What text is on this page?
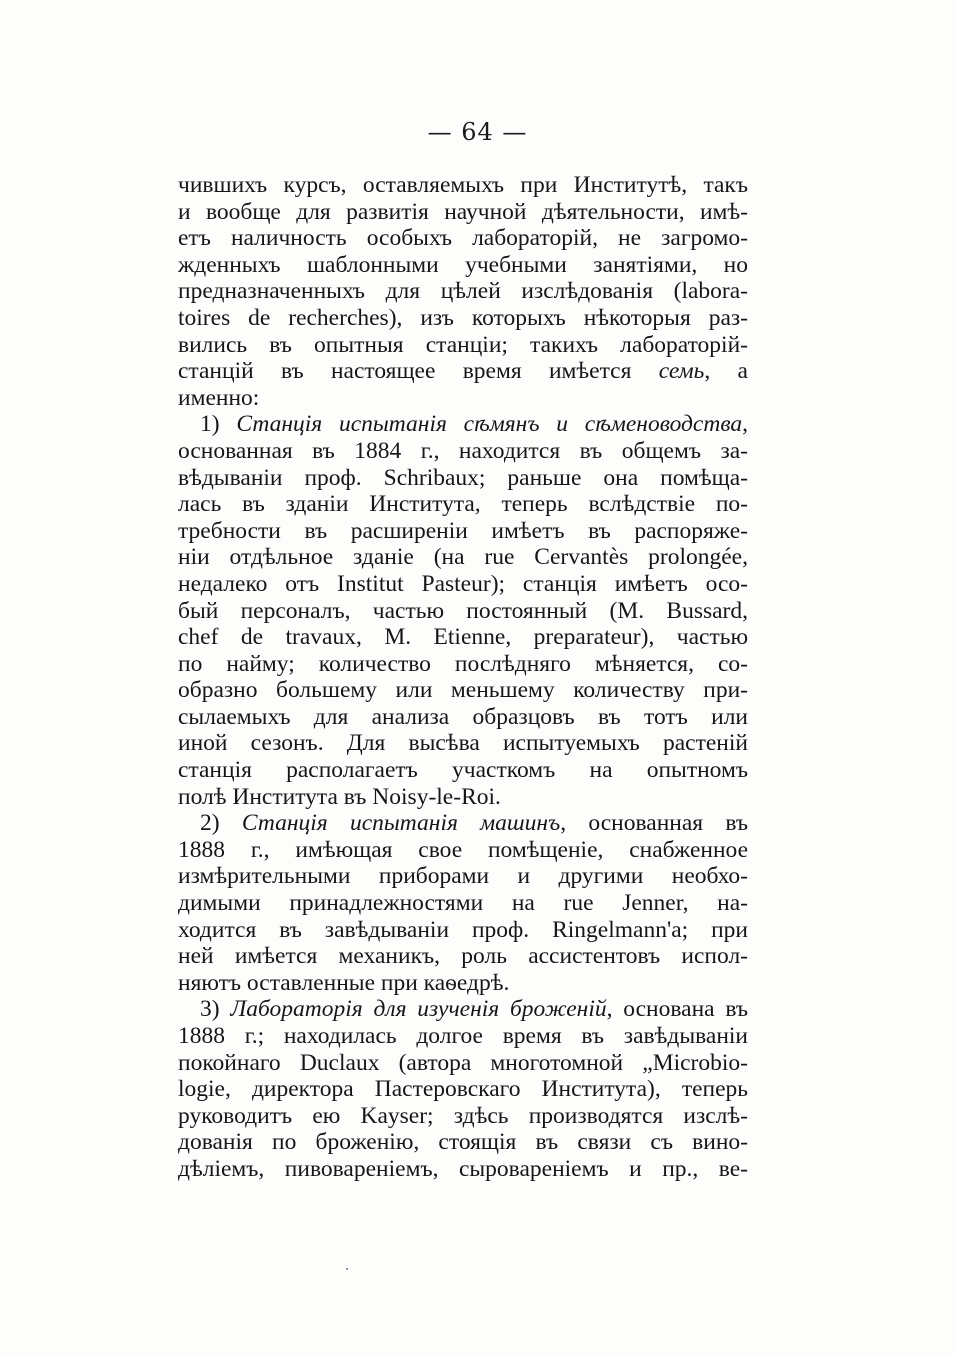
— 64 —
чившихъ курсъ, оставляемыхъ при Институтѣ, такъ
и вообще для развитія научной дѣятельности, имѣ-
етъ наличность особыхъ лабораторій, не загромо-
жденныхъ шаблонными учебными занятіями, но
предназначенныхъ для цѣлей изслѣдованія (labora-
toires de recherches), изъ которыхъ нѣкоторыя раз-
вились въ опытныя станціи; такихъ лабораторій-
станцій въ настоящее время имѣется семь, а
именно:
1) Станція испытанія сѣмянъ и сѣменоводства,
основанная въ 1884 г., находится въ общемъ за-
вѣдываніи проф. Schribaux; раньше она помѣща-
лась въ зданіи Института, теперь вслѣдствіе по-
требности въ расширеніи имѣетъ въ распоряже-
ніи отдѣльное зданіе (на rue Cervantès prolongée,
недалеко отъ Institut Pasteur); станція имѣетъ осо-
бый персоналъ, частью постоянный (M. Bussard,
chef de travaux, M. Etienne, preparateur), частью
по найму; количество послѣдняго мѣняется, со-
образно большему или меньшему количеству при-
сылаемыхъ для анализа образцовъ въ тотъ или
иной сезонъ. Для высѣва испытуемыхъ растеній
станція располагаетъ участкомъ на опытномъ
полѣ Института въ Noisy-le-Roi.
2) Станція испытанія машинъ, основанная въ
1888 г., имѣющая свое помѣщеніе, снабженное
измѣрительными приборами и другими необхо-
димыми принадлежностями на rue Jenner, на-
ходится въ завѣдываніи проф. Ringelmann'a; при
ней имѣется механикъ, роль ассистентовъ испол-
няютъ оставленные при каѳедрѣ.
3) Лабораторія для изученія броженій, основана въ
1888 г.; находилась долгое время въ завѣдываніи
покойнаго Duclaux (автора многотомной „Microbio-
logie, директора Пастеровскаго Института), теперь
руководитъ ею Kayser; здѣсь производятся изслѣ-
дованія по броженію, стоящія въ связи съ вино-
дѣліемъ, пивовареніемъ, сыровареніемъ и пр., ве-
